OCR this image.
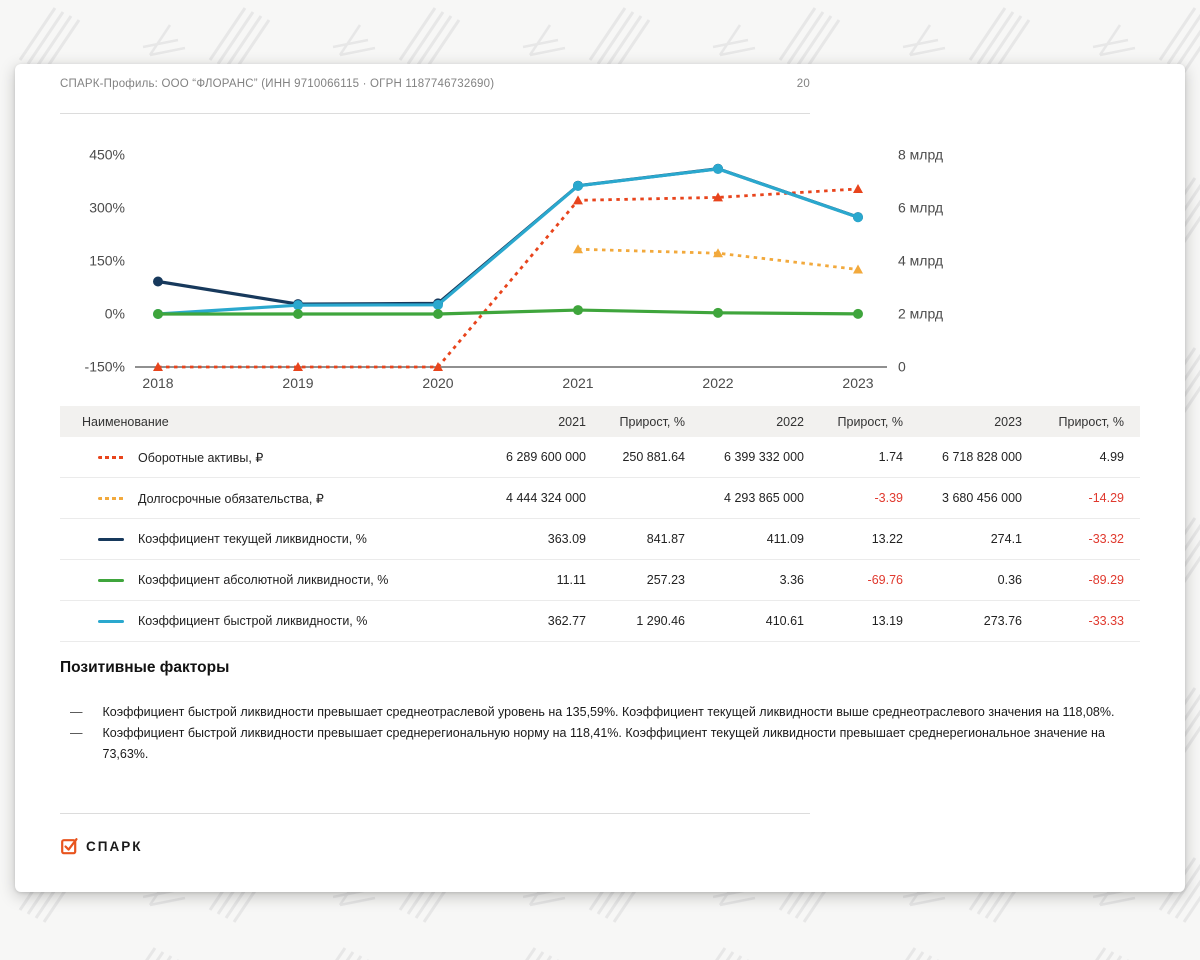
СПАРК-Профиль: ООО “ФЛОРАНС” (ИНН 9710066115 · ОГРН 1187746732690)	20
450%
300%
150%
0%
-150%
8 млрд
6 млрд
4 млрд
2 млрд
0
2018	2019	2020	2021	2022	2023
Наименование	2021	Прирост, %	2022	Прирост, %	2023	Прирост, %

Оборотные активы, ₽	6 289 600 000	250 881.64	6 399 332 000	1.74	6 718 828 000	4.99

Долгосрочные обязательства, ₽	4 444 324 000		4 293 865 000	-3.39	3 680 456 000	-14.29

Коэффициент текущей ликвидности, %	363.09	841.87	411.09	13.22	274.1	-33.32

Коэффициент абсолютной ликвидности, %	11.11	257.23	3.36	-69.76	0.36	-89.29

Коэффициент быстрой ликвидности, %	362.77	1 290.46	410.61	13.19	273.76	-33.33
Позитивные факторы
— Коэффициент быстрой ликвидности превышает среднеотраслевой уровень на 135,59%. Коэффициент текущей ликвидности выше среднеотраслевого значения на 118,08%.
— Коэффициент быстрой ликвидности превышает среднерегиональную норму на 118,41%. Коэффициент текущей ликвидности превышает среднерегиональное значение на 73,63%.
СПАРК
